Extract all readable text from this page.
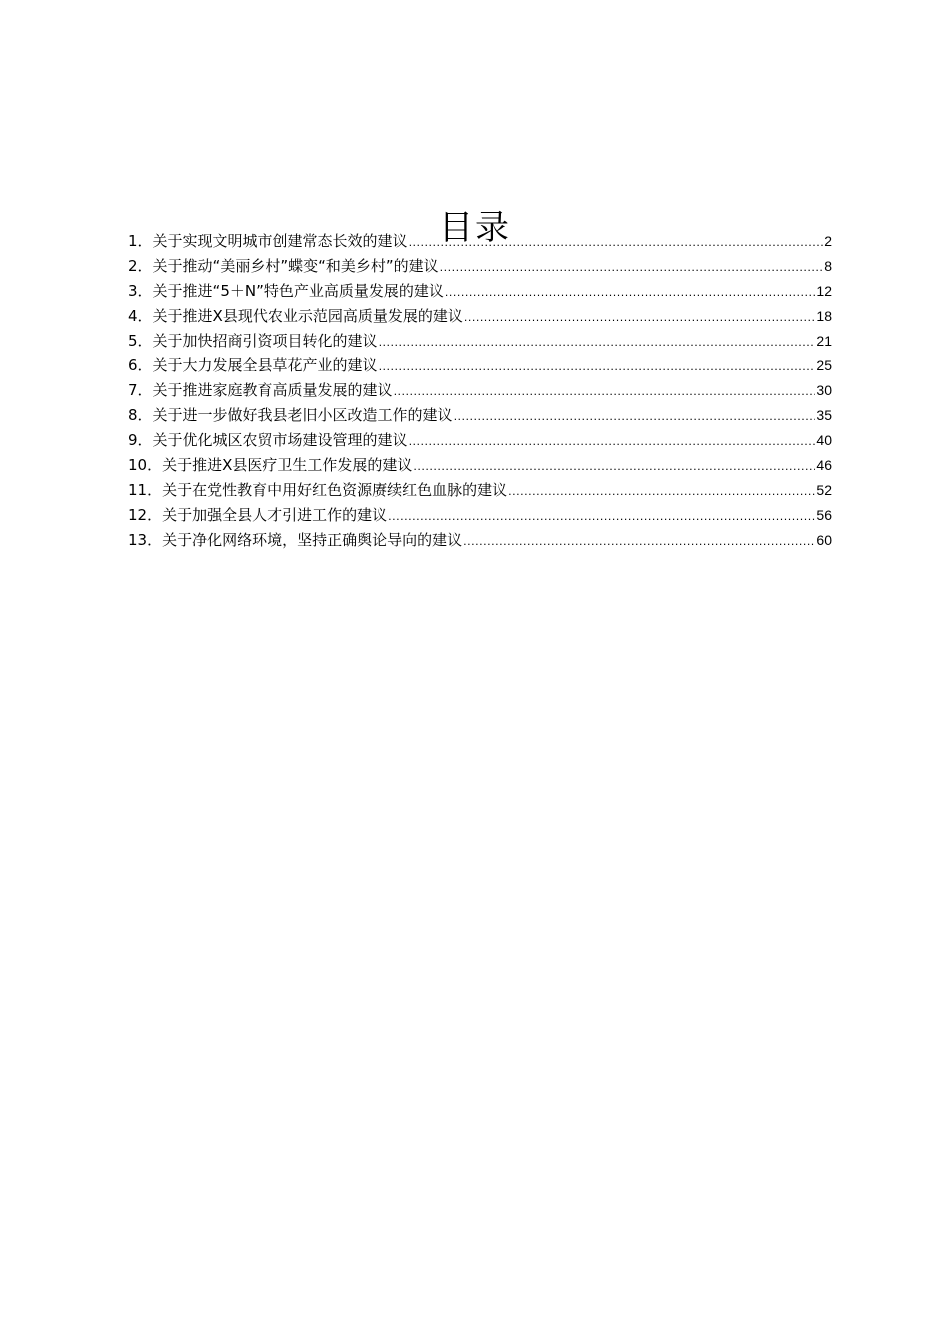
目录
1． 关于实现文明城市创建常态长效的建议 .....	2
2． 关于推动“美丽乡村”蝶变“和美乡村”的建议 .....	8
3． 关于推进“5＋N”特色产业高质量发展的建议 .....	12
4． 关于推进X县现代农业示范园高质量发展的建议 .....	18
5． 关于加快招商引资项目转化的建议 .....	21
6． 关于大力发展全县草花产业的建议 .....	25
7． 关于推进家庭教育高质量发展的建议 .....	30
8． 关于进一步做好我县老旧小区改造工作的建议 .....	35
9． 关于优化城区农贸市场建设管理的建议 .....	40
10． 关于推进X县医疗卫生工作发展的建议 .....	46
11． 关于在党性教育中用好红色资源赓续红色血脉的建议 .....	52
12． 关于加强全县人才引进工作的建议 .....	56
13． 关于净化网络环境，坚持正确舆论导向的建议 .....	60
